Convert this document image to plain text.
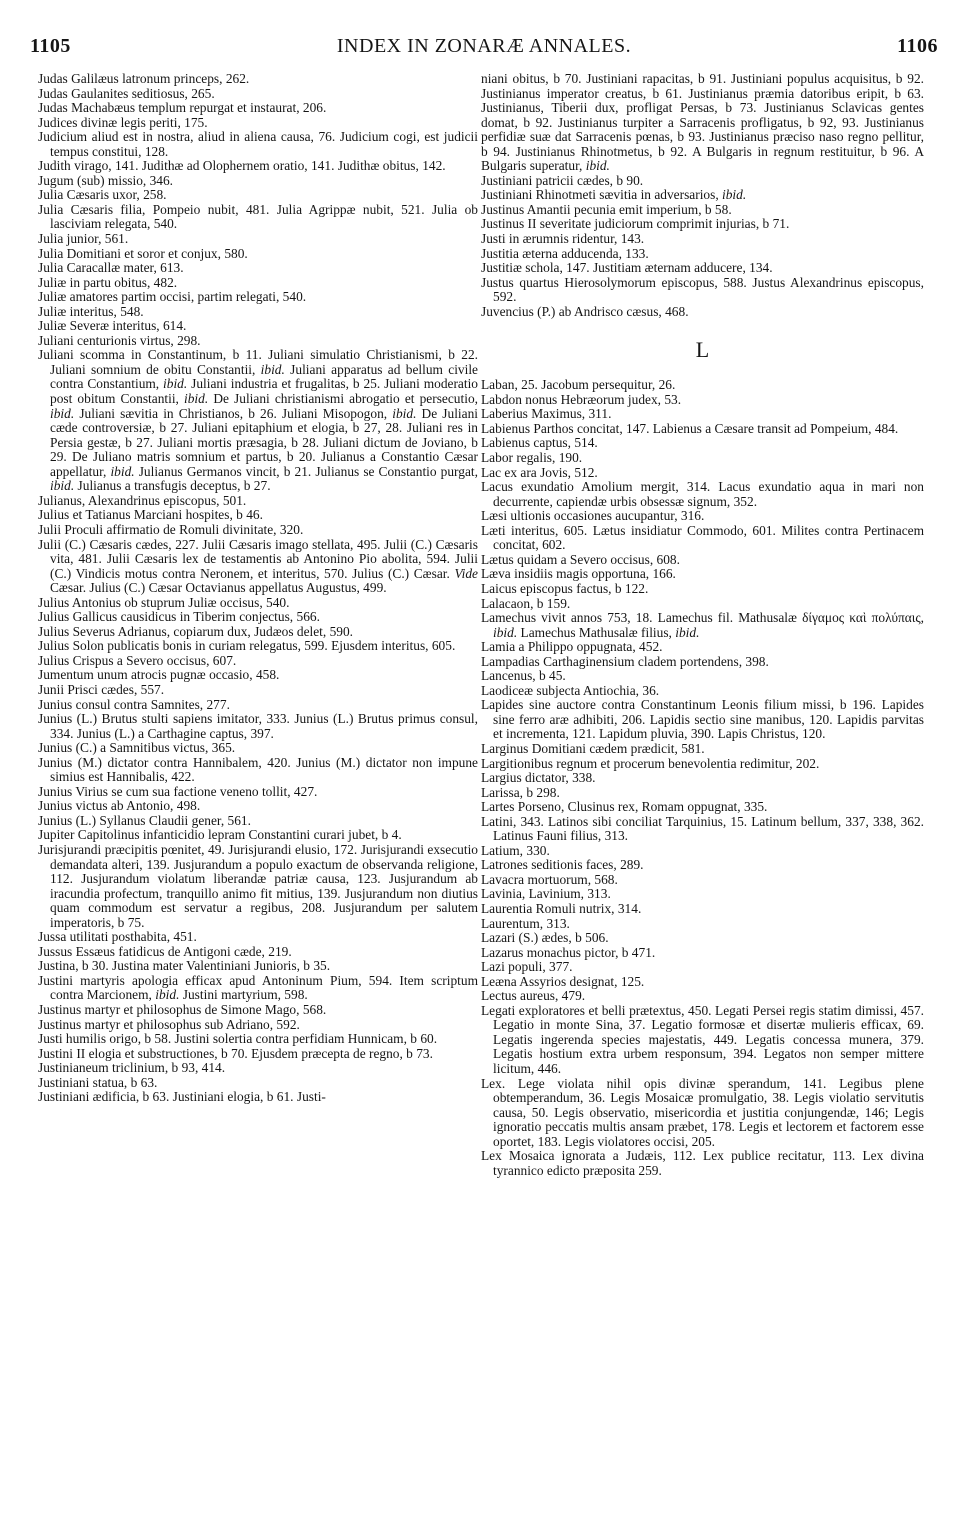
1105	INDEX IN ZONARÆ ANNALES.	1106

Judas Galilæus latronum princeps, 262.

Judas Gaulanites seditiosus, 265.

Judas Machabæus templum repurgat et instaurat, 206.

Judices divinæ legis periti, 175.

Judicium aliud est in nostra, aliud in aliena causa, 76. Judicium cogi, est judicii tempus constitui, 128.

Judith virago, 141. Judithæ ad Olophernem oratio, 141. Judithæ obitus, 142.

Jugum (sub) missio, 346.

Julia Cæsaris uxor, 258.

Julia Cæsaris filia, Pompeio nubit, 481. Julia Agrippæ nubit, 521. Julia ob lasciviam relegata, 540.

Julia junior, 561.

Julia Domitiani et soror et conjux, 580.

Julia Caracallæ mater, 613.

Juliæ in partu obitus, 482.

Juliæ amatores partim occisi, partim relegati, 540.

Juliæ interitus, 548.

Juliæ Severæ interitus, 614.

Juliani centurionis virtus, 298.

Juliani scomma in Constantinum, b 11. Juliani simulatio Christianismi, b 22. Juliani somnium de obitu Constantii, ibid. Juliani apparatus ad bellum civile contra Constantium, ibid. Juliani industria et frugalitas, b 25. Juliani moderatio post obitum Constantii, ibid. De Juliani christianismi abrogatio et persecutio, ibid. Juliani sævitia in Christianos, b 26. Juliani Misopogon, ibid. De Juliani cæde controversiæ, b 27. Juliani epitaphium et elogia, b 27, 28. Juliani res in Persia gestæ, b 27. Juliani mortis præsagia, b 28. Juliani dictum de Joviano, b 29. De Juliano matris somnium et partus, b 20. Julianus a Constantio Cæsar appellatur, ibid. Julianus Germanos vincit, b 21. Julianus se Constantio purgat, ibid. Julianus a transfugis deceptus, b 27.

Julianus, Alexandrinus episcopus, 501.

Julius et Tatianus Marciani hospites, b 46.

Julii Proculi affirmatio de Romuli divinitate, 320.

Julii (C.) Cæsaris cædes, 227. Julii Cæsaris imago stellata, 495. Julii (C.) Cæsaris vita, 481. Julii Cæsaris lex de testamentis ab Antonino Pio abolita, 594. Julii (C.) Vindicis motus contra Neronem, et interitus, 570. Julius (C.) Cæsar. Vide Cæsar. Julius (C.) Cæsar Octavianus appellatus Augustus, 499.

Julius Antonius ob stuprum Juliæ occisus, 540.

Julius Gallicus causidicus in Tiberim conjectus, 566.

Julius Severus Adrianus, copiarum dux, Judæos delet, 590.

Julius Solon publicatis bonis in curiam relegatus, 599. Ejusdem interitus, 605.

Julius Crispus a Severo occisus, 607.

Jumentum unum atrocis pugnæ occasio, 458.

Junii Prisci cædes, 557.

Junius consul contra Samnites, 277.

Junius (L.) Brutus stulti sapiens imitator, 333. Junius (L.) Brutus primus consul, 334. Junius (L.) a Carthagine captus, 397.

Junius (C.) a Samnitibus victus, 365.

Junius (M.) dictator contra Hannibalem, 420. Junius (M.) dictator non impune simius est Hannibalis, 422.

Junius Virius se cum sua factione veneno tollit, 427.

Junius victus ab Antonio, 498.

Junius (L.) Syllanus Claudii gener, 561.

Jupiter Capitolinus infanticidio lepram Constantini curari jubet, b 4.

Jurisjurandi præcipitis pœnitet, 49. Jurisjurandi elusio, 172. Jurisjurandi exsecutio demandata alteri, 139. Jusjurandum a populo exactum de observanda religione, 112. Jusjurandum violatum liberandæ patriæ causa, 123. Jusjurandum ab iracundia profectum, tranquillo animo fit mitius, 139. Jusjurandum non diutius quam commodum est servatur a regibus, 208. Jusjurandum per salutem imperatoris, b 75.

Jussa utilitati posthabita, 451.

Jussus Essæus fatidicus de Antigoni cæde, 219.

Justina, b 30. Justina mater Valentiniani Junioris, b 35.

Justini martyris apologia efficax apud Antoninum Pium, 594. Item scriptum contra Marcionem, ibid. Justini martyrium, 598.

Justinus martyr et philosophus de Simone Mago, 568.

Justinus martyr et philosophus sub Adriano, 592.

Justi humilis origo, b 58. Justini solertia contra perfidiam Hunnicam, b 60.

Justini II elogia et substructiones, b 70. Ejusdem præcepta de regno, b 73.

Justinianeum triclinium, b 93, 414.

Justiniani statua, b 63.

Justiniani ædificia, b 63. Justiniani elogia, b 61. Justi-

niani obitus, b 70. Justiniani rapacitas, b 91. Justiniani populus acquisitus, b 92. Justinianus imperator creatus, b 61. Justinianus præmia datoribus eripit, b 63. Justinianus, Tiberii dux, profligat Persas, b 73. Justinianus Sclavicas gentes domat, b 92. Justinianus turpiter a Sarracenis profligatus, b 92, 93. Justinianus perfidiæ suæ dat Sarracenis pœnas, b 93. Justinianus præciso naso regno pellitur, b 94. Justinianus Rhinotmetus, b 92. A Bulgaris in regnum restituitur, b 96. A Bulgaris superatur, ibid.

Justiniani patricii cædes, b 90.

Justiniani Rhinotmeti sævitia in adversarios, ibid.

Justinus Amantii pecunia emit imperium, b 58.

Justinus II severitate judiciorum comprimit injurias, b 71.

Justi in ærumnis ridentur, 143.

Justitia æterna adducenda, 133.

Justitiæ schola, 147. Justitiam æternam adducere, 134.

Justus quartus Hierosolymorum episcopus, 588. Justus Alexandrinus episcopus, 592.

Juvencius (P.) ab Andrisco cæsus, 468.

L

Laban, 25. Jacobum persequitur, 26.

Labdon nonus Hebræorum judex, 53.

Laberius Maximus, 311.

Labienus Parthos concitat, 147. Labienus a Cæsare transit ad Pompeium, 484.

Labienus captus, 514.

Labor regalis, 190.

Lac ex ara Jovis, 512.

Lacus exundatio Amolium mergit, 314. Lacus exundatio aqua in mari non decurrente, capiendæ urbis obsessæ signum, 352.

Læsi ultionis occasiones aucupantur, 316.

Læti interitus, 605. Lætus insidiatur Commodo, 601. Milites contra Pertinacem concitat, 602.

Lætus quidam a Severo occisus, 608.

Læva insidiis magis opportuna, 166.

Laicus episcopus factus, b 122.

Lalacaon, b 159.

Lamechus vivit annos 753, 18. Lamechus fil. Mathusalæ δίγαμος καὶ πολύπαις, ibid. Lamechus Mathusalæ filius, ibid.

Lamia a Philippo oppugnata, 452.

Lampadias Carthaginensium cladem portendens, 398.

Lancenus, b 45.

Laodiceæ subjecta Antiochia, 36.

Lapides sine auctore contra Constantinum Leonis filium missi, b 196. Lapides sine ferro aræ adhibiti, 206. Lapidis sectio sine manibus, 120. Lapidis parvitas et incrementa, 121. Lapidum pluvia, 390. Lapis Christus, 120.

Larginus Domitiani cædem prædicit, 581.

Largitionibus regnum et procerum benevolentia redimitur, 202.

Largius dictator, 338.

Larissa, b 298.

Lartes Porseno, Clusinus rex, Romam oppugnat, 335.

Latini, 343. Latinos sibi conciliat Tarquinius, 15. Latinum bellum, 337, 338, 362. Latinus Fauni filius, 313.

Latium, 330.

Latrones seditionis faces, 289.

Lavacra mortuorum, 568.

Lavinia, Lavinium, 313.

Laurentia Romuli nutrix, 314.

Laurentum, 313.

Lazari (S.) ædes, b 506.

Lazarus monachus pictor, b 471.

Lazi populi, 377.

Leæna Assyrios designat, 125.

Lectus aureus, 479.

Legati exploratores et belli prætextus, 450. Legati Persei regis statim dimissi, 457. Legatio in monte Sina, 37. Legatio formosæ et disertæ mulieris efficax, 69. Legatis ingerenda species majestatis, 449. Legatis concessa munera, 379. Legatis hostium extra urbem responsum, 394. Legatos non semper mittere licitum, 446.

Lex. Lege violata nihil opis divinæ sperandum, 141. Legibus plene obtemperandum, 36. Legis Mosaicæ promulgatio, 38. Legis violatio servitutis causa, 50. Legis observatio, misericordia et justitia conjungendæ, 146; Legis ignoratio peccatis multis ansam præbet, 178. Legis et lectorem et factorem esse oportet, 183. Legis violatores occisi, 205.

Lex Mosaica ignorata a Judæis, 112. Lex publice recitatur, 113. Lex divina tyrannico edicto præposita 259.
